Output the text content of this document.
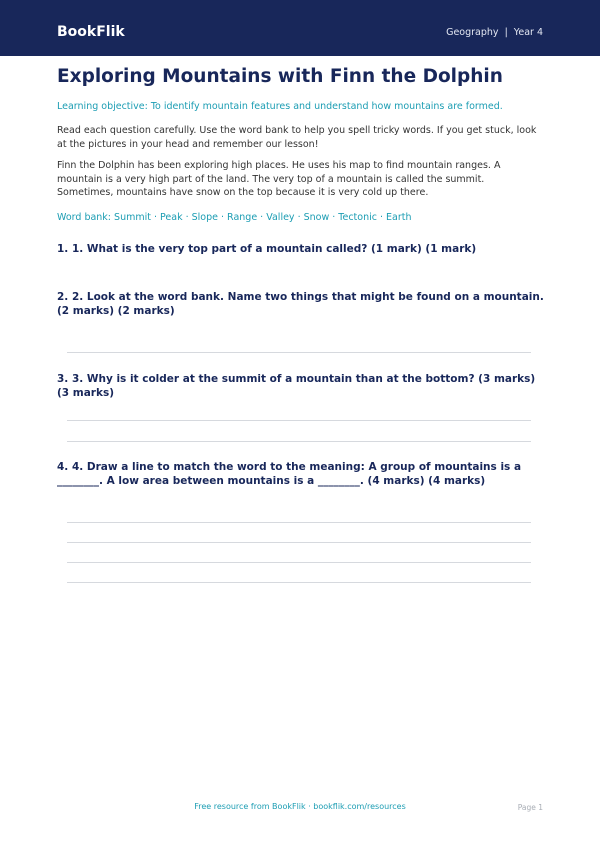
BookFlik	Geography  |  Year 4
Exploring Mountains with Finn the Dolphin

Learning objective: To identify mountain features and understand how mountains are formed.

Read each question carefully. Use the word bank to help you spell tricky words. If you get stuck, look at the pictures in your head and remember our lesson!

Finn the Dolphin has been exploring high places. He uses his map to find mountain ranges. A mountain is a very high part of the land. The very top of a mountain is called the summit. Sometimes, mountains have snow on the top because it is very cold up there.

Word bank: Summit · Peak · Slope · Range · Valley · Snow · Tectonic · Earth

1. 1. What is the very top part of a mountain called? (1 mark) (1 mark)

2. 2. Look at the word bank. Name two things that might be found on a mountain. (2 marks) (2 marks)

3. 3. Why is it colder at the summit of a mountain than at the bottom? (3 marks) (3 marks)

4. 4. Draw a line to match the word to the meaning: A group of mountains is a ________. A low area between mountains is a ________. (4 marks) (4 marks)

Free resource from BookFlik · bookflik.com/resources	Page 1
